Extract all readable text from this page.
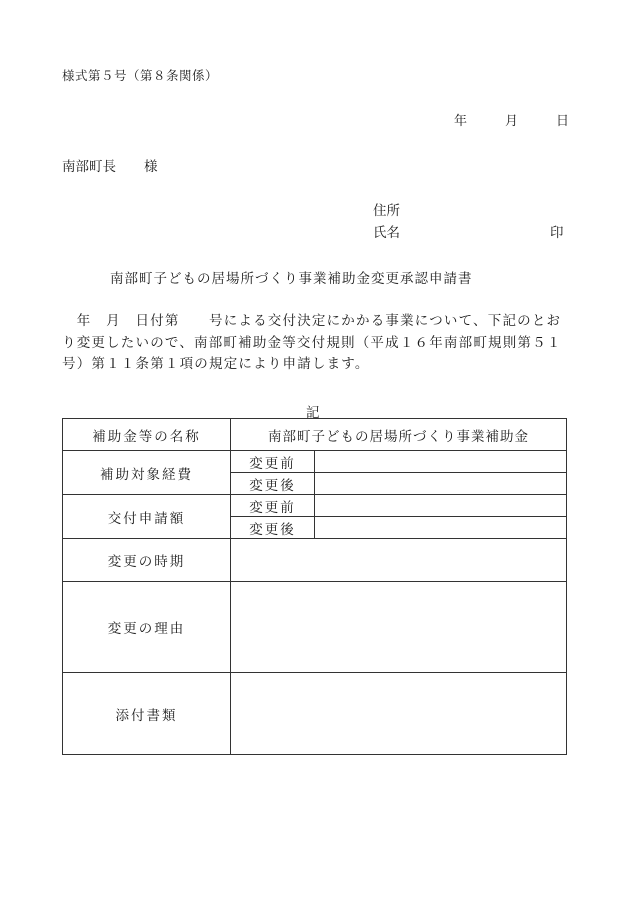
様式第５号（第８条関係）
年	月	日
南部町長 様
住所
氏名	印
南部町子どもの居場所づくり事業補助金変更承認申請書
　年　月　日付第　　号による交付決定にかかる事業について、下記のとおり変更したいので、南部町補助金等交付規則（平成１６年南部町規則第５１号）第１１条第１項の規定により申請します。
記
補助金等の名称	南部町子どもの居場所づくり事業補助金	
補助対象経費	変更前	
	変更後	
交付申請額	変更前	
	変更後	
変更の時期		
変更の理由		
添付書類		
